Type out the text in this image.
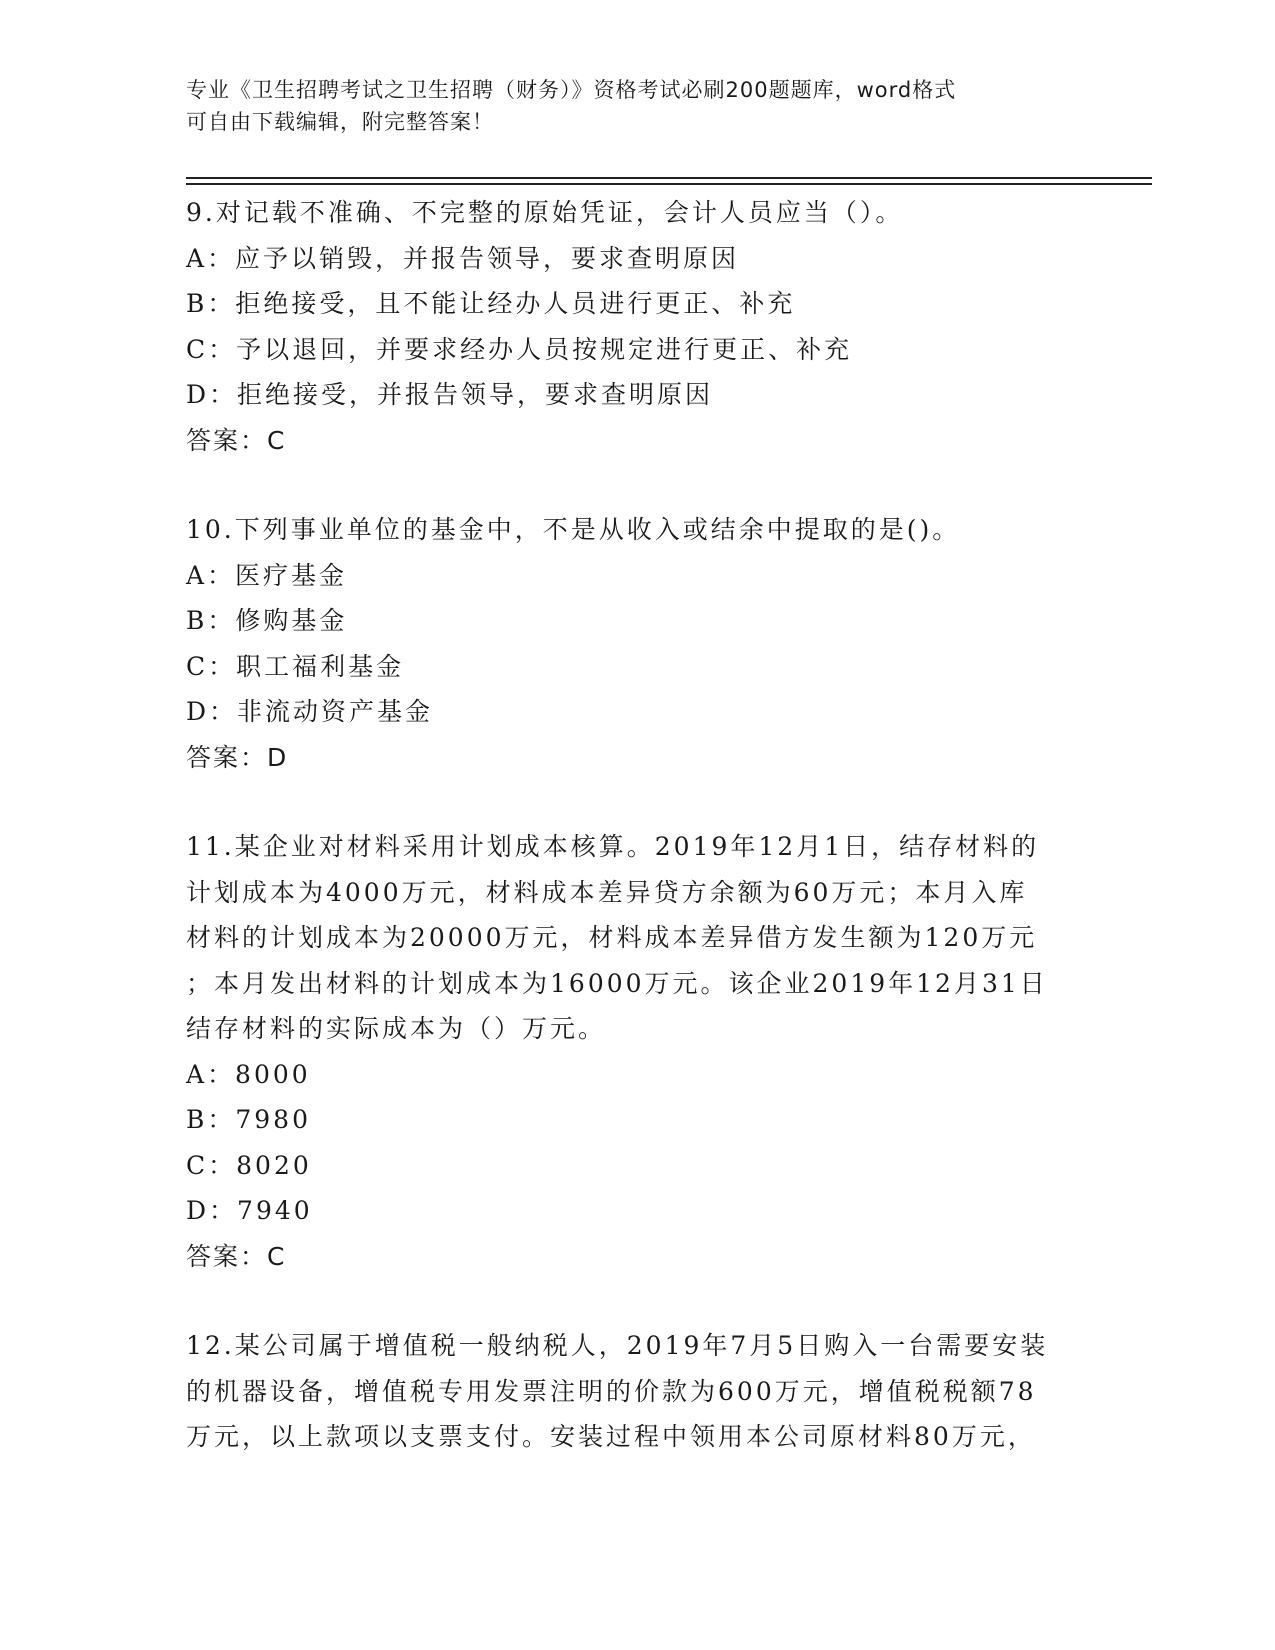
专业《卫生招聘考试之卫生招聘（财务）》资格考试必刷200题题库，word格式

可自由下载编辑，附完整答案！

9.对记载不准确、不完整的原始凭证，会计人员应当（）。

A：应予以销毁，并报告领导，要求查明原因

B：拒绝接受，且不能让经办人员进行更正、补充

C：予以退回，并要求经办人员按规定进行更正、补充

D：拒绝接受，并报告领导，要求查明原因

答案：C

10.下列事业单位的基金中，不是从收入或结余中提取的是()。

A：医疗基金

B：修购基金

C：职工福利基金

D：非流动资产基金

答案：D

11.某企业对材料采用计划成本核算。2019年12月1日，结存材料的

计划成本为4000万元，材料成本差异贷方余额为60万元；本月入库

材料的计划成本为20000万元，材料成本差异借方发生额为120万元

；本月发出材料的计划成本为16000万元。该企业2019年12月31日

结存材料的实际成本为（）万元。

A：8000

B：7980

C：8020

D：7940

答案：C

12.某公司属于增值税一般纳税人，2019年7月5日购入一台需要安装

的机器设备，增值税专用发票注明的价款为600万元，增值税税额78

万元，以上款项以支票支付。安装过程中领用本公司原材料80万元，
